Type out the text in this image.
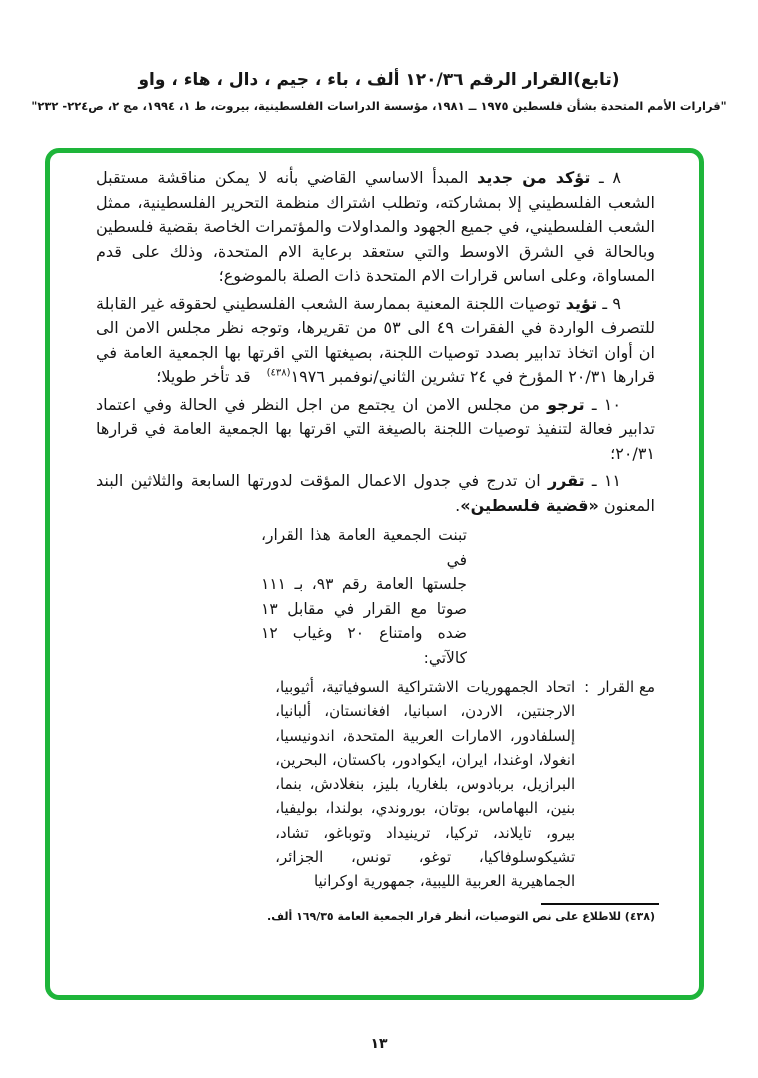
(تابع)القرار الرقم ١٢٠/٣٦ ألف ، باء ، جيم ، دال ، هاء ، واو
"قرارات الأمم المتحدة بشأن فلسطين ١٩٧٥ ــ ١٩٨١، مؤسسة الدراسات الفلسطينية، بيروت، ط ١، ١٩٩٤، مج ٢، ص٢٢٤- ٢٣٢"

٨ ـ تؤكد من جديد المبدأ الاساسي القاضي بأنه لا يمكن مناقشة مستقبل الشعب الفلسطيني إلا بمشاركته، وتطلب اشتراك منظمة التحرير الفلسطينية، ممثل الشعب الفلسطيني، في جميع الجهود والمداولات والمؤتمرات الخاصة بقضية فلسطين وبالحالة في الشرق الاوسط والتي ستعقد برعاية الام المتحدة، وذلك على قدم المساواة، وعلى اساس قرارات الام المتحدة ذات الصلة بالموضوع؛

٩ ـ تؤيد توصيات اللجنة المعنية بممارسة الشعب الفلسطيني لحقوقه غير القابلة للتصرف الواردة في الفقرات ٤٩ الى ٥٣ من تقريرها، وتوجه نظر مجلس الامن الى ان أوان اتخاذ تدابير بصدد توصيات اللجنة، بصيغتها التي اقرتها بها الجمعية العامة في قرارها ٢٠/٣١ المؤرخ في ٢٤ تشرين الثاني/نوفمبر ١٩٧٦$^{(٤٣٨)}$  قد تأخر طويلا؛

١٠ ـ ترجو من مجلس الامن ان يجتمع من اجل النظر في الحالة وفي اعتماد تدابير فعالة لتنفيذ توصيات اللجنة بالصيغة التي اقرتها بها الجمعية العامة في قرارها ٢٠/٣١؛

١١ ـ تقرر ان تدرج في جدول الاعمال المؤقت لدورتها السابعة والثلاثين البند المعنون «قضية فلسطين».

تبنت الجمعية العامة هذا القرار، في
جلستها العامة رقم ٩٣، بـ ١١١
صوتا مع القرار في مقابل ١٣
ضده وامتناع ٢٠ وغياب ١٢
كالآتي:
مع القرار
:
اتحاد الجمهوريات الاشتراكية السوفياتية، أثيوبيا، الارجنتين، الاردن، اسبانيا، افغانستان، ألبانيا، إلسلفادور، الامارات العربية المتحدة، اندونيسيا، انغولا، اوغندا، ايران، ايكوادور، باكستان، البحرين، البرازيل، بربادوس، بلغاريا، بليز، بنغلادش، بنما، بنين، البهاماس، بوتان، بوروندي، بولندا، بوليفيا، بيرو، تايلاند، تركيا، ترينيداد وتوباغو، تشاد، تشيكوسلوفاكيا، توغو، تونس، الجزائر، الجماهيرية العربية الليبية، جمهورية اوكرانيا
(٤٣٨) للاطلاع على نص التوصيات، أنظر قرار الجمعية العامة ١٦٩/٣٥ ألف.
١٣
